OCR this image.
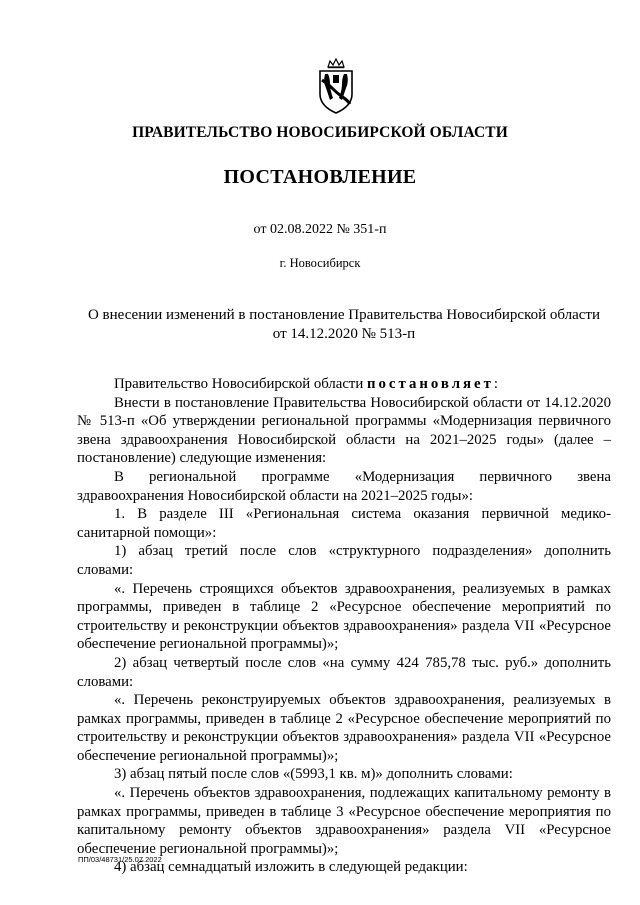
ПРАВИТЕЛЬСТВО НОВОСИБИРСКОЙ ОБЛАСТИ
ПОСТАНОВЛЕНИЕ
от 02.08.2022 № 351-п
г. Новосибирск
О внесении изменений в постановление Правительства Новосибирской области
от 14.12.2020 № 513-п

Правительство Новосибирской области постановляет:

Внести в постановление Правительства Новосибирской области от 14.12.2020 № 513-п «Об утверждении региональной программы «Модернизация первичного звена здравоохранения Новосибирской области на 2021–2025 годы» (далее – постановление) следующие изменения:

В региональной программе «Модернизация первичного звена здравоохранения Новосибирской области на 2021–2025 годы»:

1. В разделе III «Региональная система оказания первичной медико-санитарной помощи»:

1) абзац третий после слов «структурного подразделения» дополнить словами:

«. Перечень строящихся объектов здравоохранения, реализуемых в рамках программы, приведен в таблице 2 «Ресурсное обеспечение мероприятий по строительству и реконструкции объектов здравоохранения» раздела VII «Ресурсное обеспечение региональной программы)»;

2) абзац четвертый после слов «на сумму 424 785,78 тыс. руб.» дополнить словами:

«. Перечень реконструируемых объектов здравоохранения, реализуемых в рамках программы, приведен в таблице 2 «Ресурсное обеспечение мероприятий по строительству и реконструкции объектов здравоохранения» раздела VII «Ресурсное обеспечение региональной программы)»;

3) абзац пятый после слов «(5993,1 кв. м)» дополнить словами:

«. Перечень объектов здравоохранения, подлежащих капитальному ремонту в рамках программы, приведен в таблице 3 «Ресурсное обеспечение мероприятия по капитальному ремонту объектов здравоохранения» раздела VII «Ресурсное обеспечение региональной программы)»;

4) абзац семнадцатый изложить в следующей редакции:

ПП/03/48731/25.07.2022
